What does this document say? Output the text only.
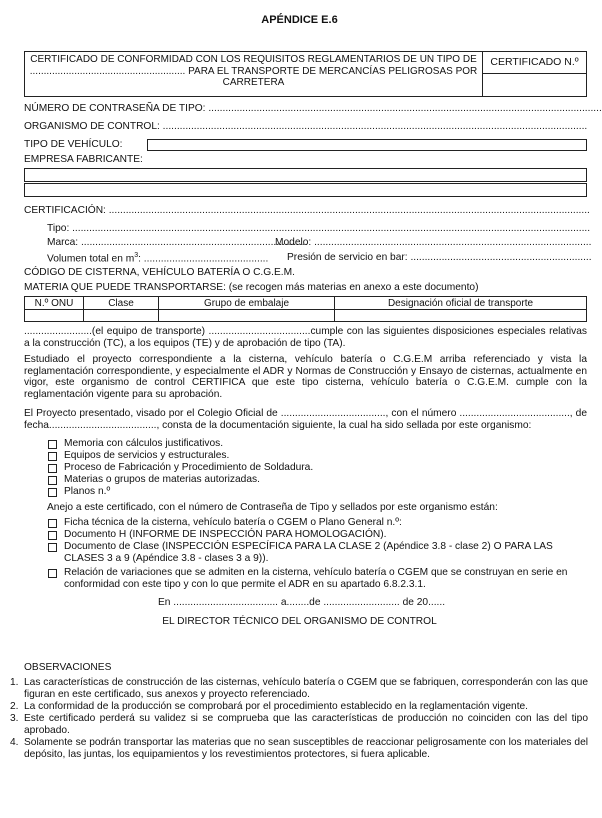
APÉNDICE E.6
CERTIFICADO DE CONFORMIDAD CON LOS REQUISITOS REGLAMENTARIOS DE UN TIPO DE ........................................................ PARA EL TRANSPORTE DE MERCANCÍAS PELIGROSAS POR CARRETERA
CERTIFICADO N.º
NÚMERO DE CONTRASEÑA DE TIPO: ...........................................................................................................................................
ORGANISMO DE CONTROL: ......................................................................................................................................................
TIPO DE VEHÍCULO:
EMPRESA FABRICANTE:
CERTIFICACIÓN: ..........................................................................................................................................................................
Tipo: .......................................................................................................................................................................................
Marca: ................................................................................
Modelo: ..................................................................................................
Volumen total en $m^3$: ............................................	Presión de servicio en bar: ................................................................
CÓDIGO DE CISTERNA, VEHÍCULO BATERÍA O C.G.E.M.
MATERIA QUE PUEDE TRANSPORTARSE: (se recogen más materias en anexo a este documento)
N.º ONU	Clase	Grupo de embalaje	Designación oficial de transporte

........................(el equipo de transporte) ....................................cumple con las siguientes disposiciones especiales relativas a la construcción (TC), a los equipos (TE) y de aprobación de tipo (TA).
Estudiado el proyecto correspondiente a la cisterna, vehículo batería o C.G.E.M arriba referenciado y vista la reglamentación correspondiente, y especialmente el ADR y Normas de Construcción y Ensayo de cisternas, actualmente en vigor, este organismo de control CERTIFICA que este tipo cisterna, vehículo batería o C.G.E.M. cumple con la reglamentación vigente para su aprobación.
El Proyecto presentado, visado por el Colegio Oficial de ....................................., con el número ......................................., de fecha......................................, consta de la documentación siguiente, la cual ha sido sellada por este organismo:
Memoria con cálculos justificativos.
Equipos de servicios y estructurales.
Proceso de Fabricación y Procedimiento de Soldadura.
Materias o grupos de materias autorizadas.
Planos n.º
Anejo a este certificado, con el número de Contraseña de Tipo y sellados por este organismo están:
Ficha técnica de la cisterna, vehículo batería o CGEM o Plano General n.º:
Documento H (INFORME DE INSPECCIÓN PARA HOMOLOGACIÓN).
Documento de Clase (INSPECCIÓN ESPECÍFICA PARA LA CLASE 2 (Apéndice 3.8 - clase 2) O PARA LAS CLASES 3 a 9 (Apéndice 3.8 - clases 3 a 9)).
Relación de variaciones que se admiten en la cisterna, vehículo batería o CGEM que se construyan en serie en conformidad con este tipo y con lo que permite el ADR en su apartado 6.8.2.3.1.
En ..................................... a........de ........................... de 20......
EL DIRECTOR TÉCNICO DEL ORGANISMO DE CONTROL
OBSERVACIONES
1. Las características de construcción de las cisternas, vehículo batería o CGEM que se fabriquen, corresponderán con las que figuran en este certificado, sus anexos y proyecto referenciado.
2. La conformidad de la producción se comprobará por el procedimiento establecido en la reglamentación vigente.
3. Este certificado perderá su validez si se comprueba que las características de producción no coinciden con las del tipo aprobado.
4. Solamente se podrán transportar las materias que no sean susceptibles de reaccionar peligrosamente con los materiales del depósito, las juntas, los equipamientos y los revestimientos protectores, si fuera aplicable.
